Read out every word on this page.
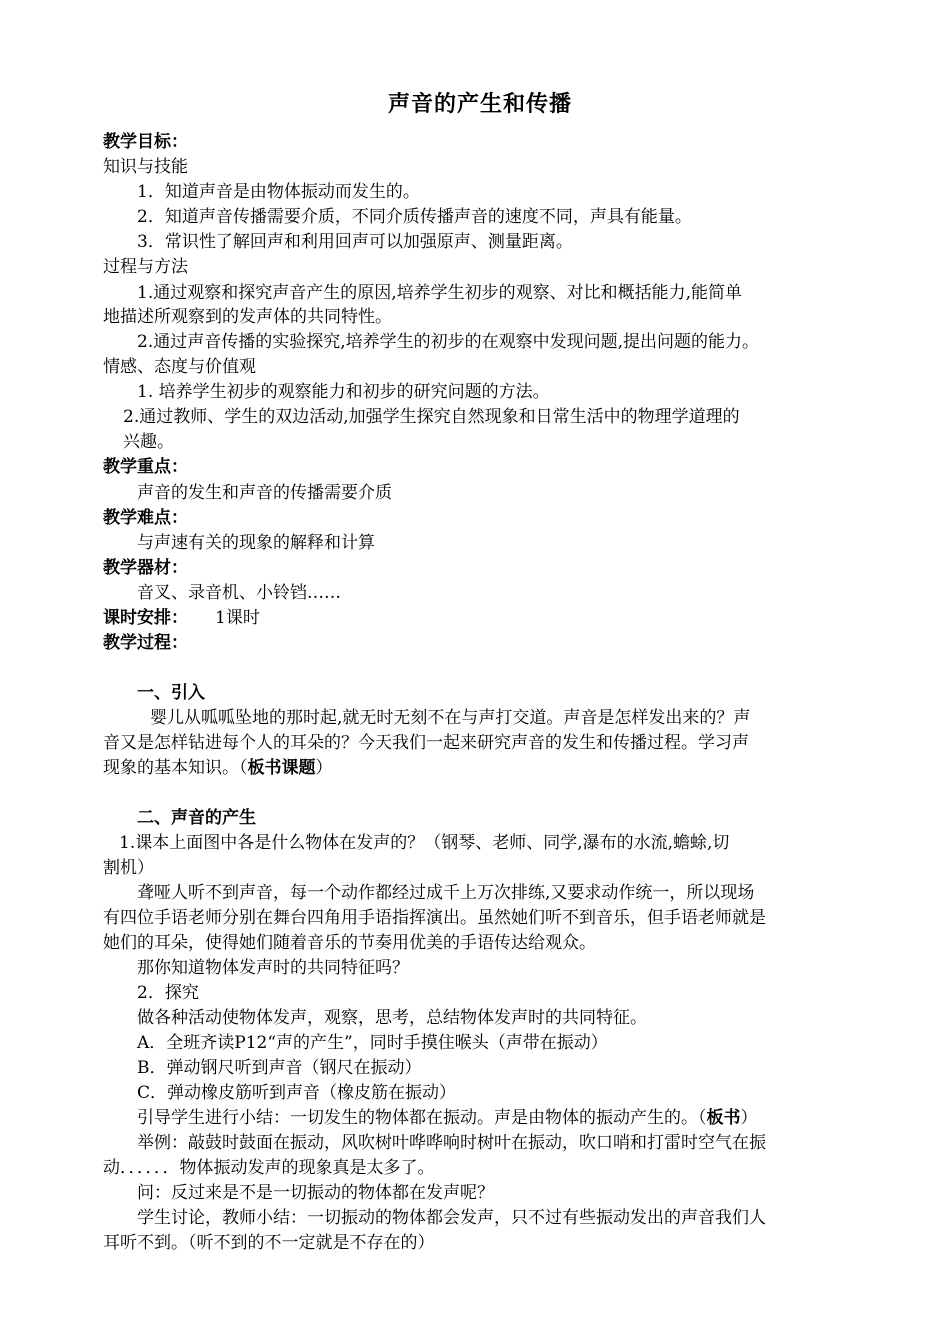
声音的产生和传播
教学目标：
知识与技能
1．知道声音是由物体振动而发生的。
2．知道声音传播需要介质，不同介质传播声音的速度不同，声具有能量。
3．常识性了解回声和利用回声可以加强原声、测量距离。
过程与方法
1.通过观察和探究声音产生的原因,培养学生初步的观察、对比和概括能力,能简单
地描述所观察到的发声体的共同特性。
2.通过声音传播的实验探究,培养学生的初步的在观察中发现问题,提出问题的能力。
情感、态度与价值观
1. 培养学生初步的观察能力和初步的研究问题的方法。
2.通过教师、学生的双边活动,加强学生探究自然现象和日常生活中的物理学道理的
兴趣。
教学重点：
声音的发生和声音的传播需要介质
教学难点：
与声速有关的现象的解释和计算
教学器材：
音叉、录音机、小铃铛……
课时安排： 1课时
教学过程：
一、引入
婴儿从呱呱坠地的那时起,就无时无刻不在与声打交道。声音是怎样发出来的？声
音又是怎样钻进每个人的耳朵的？今天我们一起来研究声音的发生和传播过程。学习声
现象的基本知识。（板书课题）
二、声音的产生
1.课本上面图中各是什么物体在发声的？（钢琴、老师、同学,瀑布的水流,蟾蜍,切
割机）
聋哑人听不到声音，每一个动作都经过成千上万次排练,又要求动作统一，所以现场
有四位手语老师分别在舞台四角用手语指挥演出。虽然她们听不到音乐，但手语老师就是
她们的耳朵，使得她们随着音乐的节奏用优美的手语传达给观众。
那你知道物体发声时的共同特征吗？
2．探究
做各种活动使物体发声，观察，思考，总结物体发声时的共同特征。
A．全班齐读P12“声的产生”，同时手摸住喉头（声带在振动）
B．弹动钢尺听到声音（钢尺在振动）
C．弹动橡皮筋听到声音（橡皮筋在振动）
引导学生进行小结：一切发生的物体都在振动。声是由物体的振动产生的。（板书）
举例：敲鼓时鼓面在振动，风吹树叶哗哗响时树叶在振动，吹口哨和打雷时空气在振
动．．．．．．物体振动发声的现象真是太多了。
问：反过来是不是一切振动的物体都在发声呢？
学生讨论，教师小结：一切振动的物体都会发声，只不过有些振动发出的声音我们人
耳听不到。（听不到的不一定就是不存在的）
